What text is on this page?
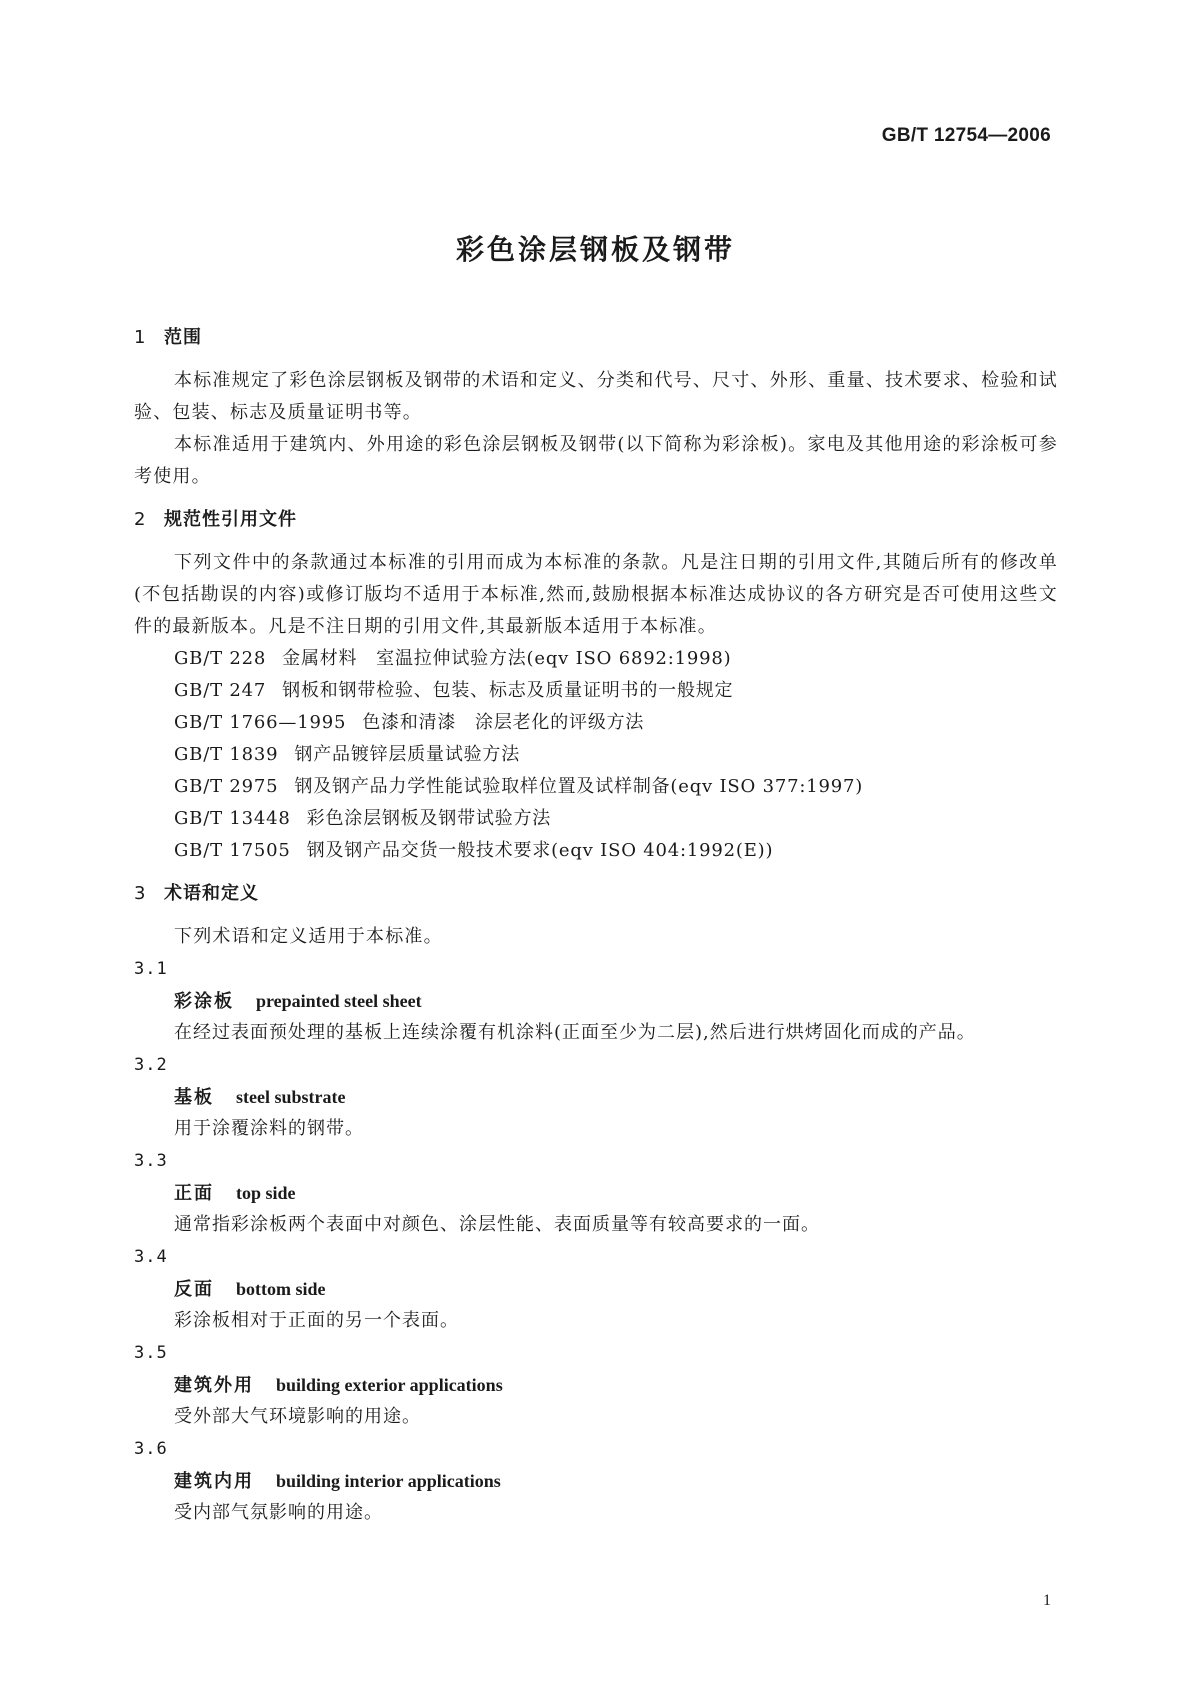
GB/T 12754—2006
彩色涂层钢板及钢带
1 范围

本标准规定了彩色涂层钢板及钢带的术语和定义、分类和代号、尺寸、外形、重量、技术要求、检验和试验、包装、标志及质量证明书等。

本标准适用于建筑内、外用途的彩色涂层钢板及钢带(以下简称为彩涂板)。家电及其他用途的彩涂板可参考使用。

2 规范性引用文件

下列文件中的条款通过本标准的引用而成为本标准的条款。凡是注日期的引用文件,其随后所有的修改单(不包括勘误的内容)或修订版均不适用于本标准,然而,鼓励根据本标准达成协议的各方研究是否可使用这些文件的最新版本。凡是不注日期的引用文件,其最新版本适用于本标准。

GB/T 228 金属材料　室温拉伸试验方法(eqv ISO 6892:1998)
GB/T 247 钢板和钢带检验、包装、标志及质量证明书的一般规定
GB/T 1766—1995 色漆和清漆　涂层老化的评级方法
GB/T 1839 钢产品镀锌层质量试验方法
GB/T 2975 钢及钢产品力学性能试验取样位置及试样制备(eqv ISO 377:1997)
GB/T 13448 彩色涂层钢板及钢带试验方法
GB/T 17505 钢及钢产品交货一般技术要求(eqv ISO 404:1992(E))
3 术语和定义

下列术语和定义适用于本标准。

3.1
彩涂板 prepainted steel sheet
在经过表面预处理的基板上连续涂覆有机涂料(正面至少为二层),然后进行烘烤固化而成的产品。
3.2
基板 steel substrate
用于涂覆涂料的钢带。
3.3
正面 top side
通常指彩涂板两个表面中对颜色、涂层性能、表面质量等有较高要求的一面。
3.4
反面 bottom side
彩涂板相对于正面的另一个表面。
3.5
建筑外用 building exterior applications
受外部大气环境影响的用途。
3.6
建筑内用 building interior applications
受内部气氛影响的用途。
1
